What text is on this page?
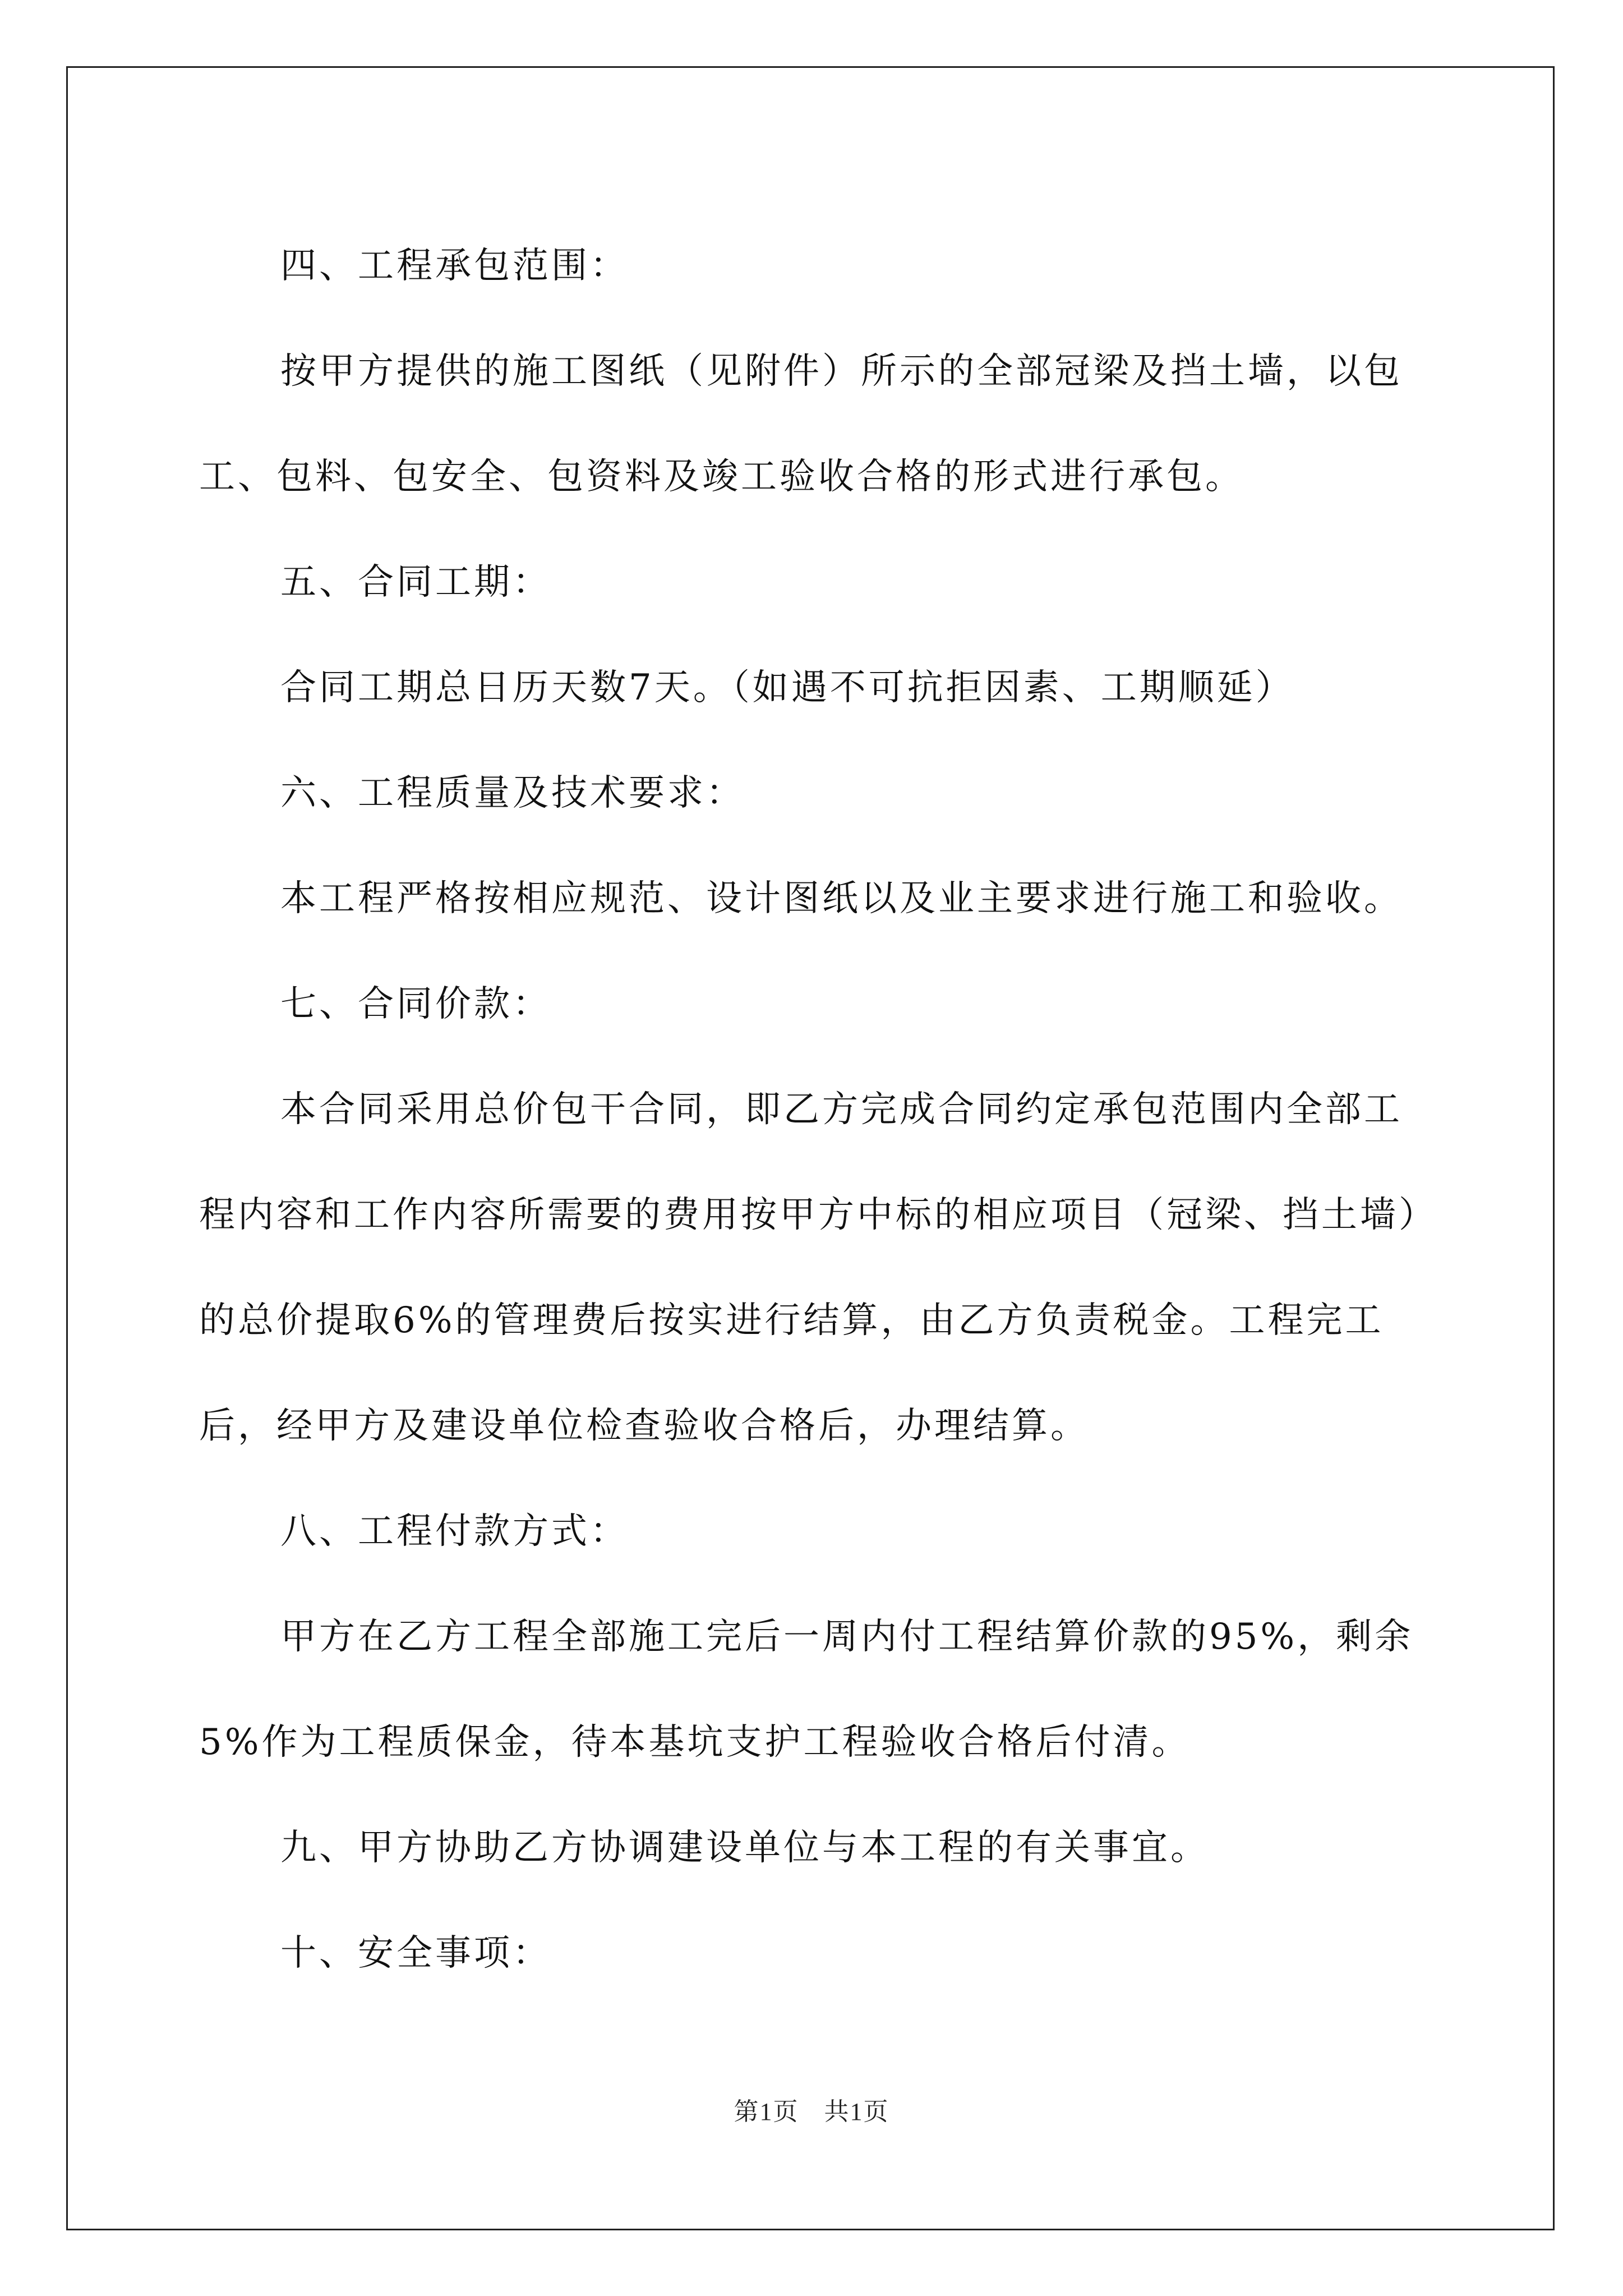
四、工程承包范围：

按甲方提供的施工图纸（见附件）所示的全部冠梁及挡土墙，以包工、包料、包安全、包资料及竣工验收合格的形式进行承包。

五、合同工期：

合同工期总日历天数7天。（如遇不可抗拒因素、工期顺延）

六、工程质量及技术要求：

本工程严格按相应规范、设计图纸以及业主要求进行施工和验收。

七、合同价款：

本合同采用总价包干合同，即乙方完成合同约定承包范围内全部工程内容和工作内容所需要的费用按甲方中标的相应项目（冠梁、挡土墙）的总价提取6%的管理费后按实进行结算，由乙方负责税金。工程完工后，经甲方及建设单位检查验收合格后，办理结算。

八、工程付款方式：

甲方在乙方工程全部施工完后一周内付工程结算价款的95%，剩余5%作为工程质保金，待本基坑支护工程验收合格后付清。

九、甲方协助乙方协调建设单位与本工程的有关事宜。

十、安全事项：

第1页 共1页
